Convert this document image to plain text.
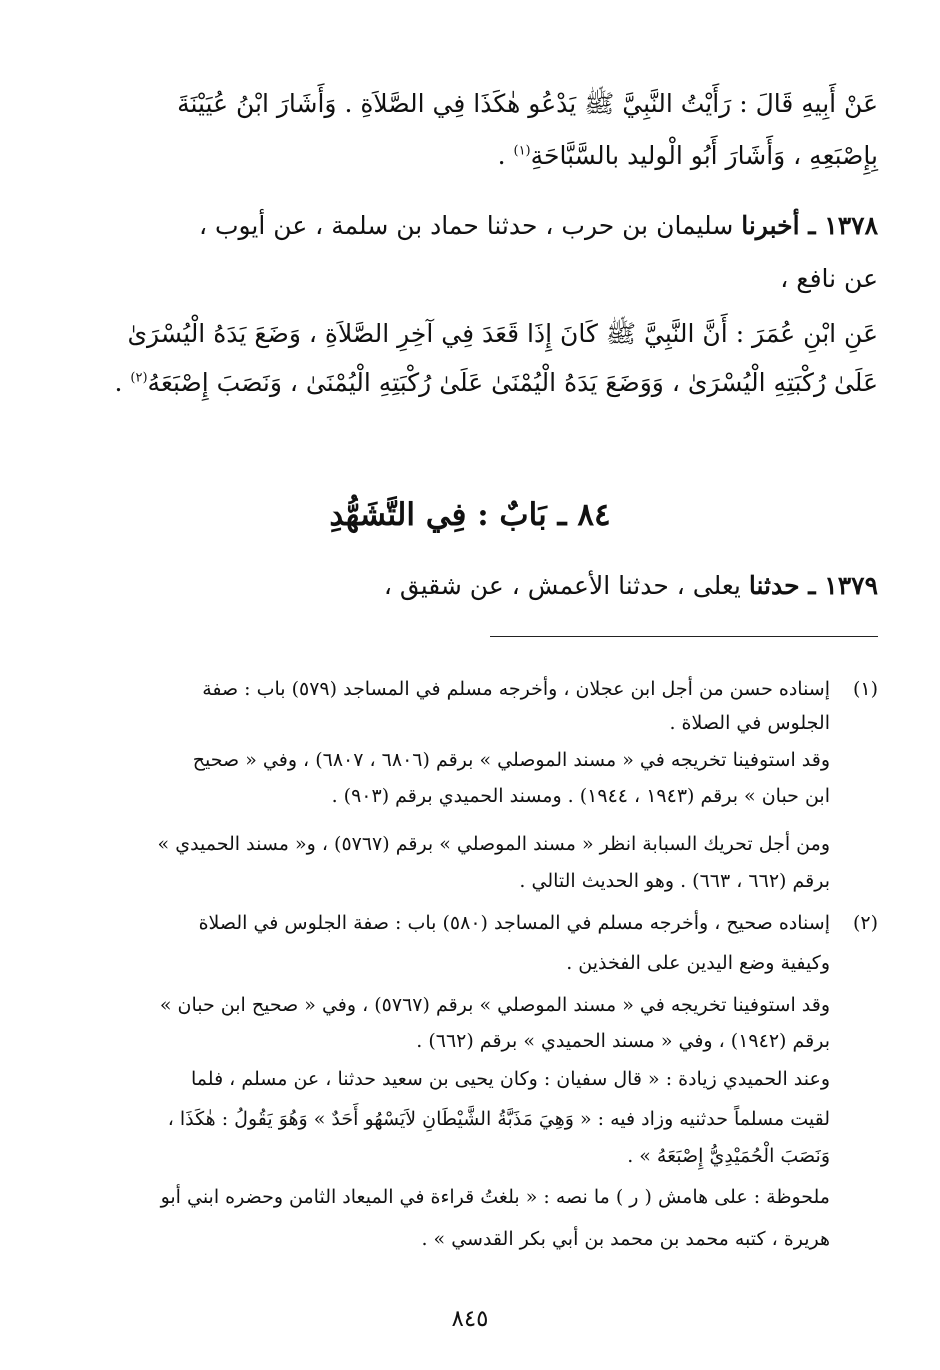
عَنْ أَبِيهِ قَالَ : رَأَيْتُ النَّبِيَّ ﷺ يَدْعُو هٰكَذَا فِي الصَّلاَةِ . وَأَشَارَ ابْنُ عُيَيْنَةَ
بِإِصْبَعِهِ ، وَأَشَارَ أَبُو الْوليد بالسَّبَّاحَةِ$^{(١)}$ .
١٣٧٨ ـ أخبرنا سليمان بن حرب ، حدثنا حماد بن سلمة ، عن أيوب ،
عن نافع ،
عَنِ ابْنِ عُمَرَ : أَنَّ النَّبِيَّ ﷺ كَانَ إِذَا قَعَدَ فِي آخِرِ الصَّلاَةِ ، وَضَعَ يَدَهُ الْيُسْرَىٰ
عَلَىٰ رُكْبَتِهِ الْيُسْرَىٰ ، وَوَضَعَ يَدَهُ الْيُمْنَىٰ عَلَىٰ رُكْبَتِهِ الْيُمْنَىٰ ، وَنَصَبَ إِصْبَعَهُ$^{(٢)}$ .
٨٤ ـ بَابٌ : فِي التَّشَهُّدِ
١٣٧٩ ـ حدثنا يعلى ، حدثنا الأعمش ، عن شقيق ،
(١)
إسناده حسن من أجل ابن عجلان ، وأخرجه مسلم في المساجد (٥٧٩) باب : صفة
الجلوس في الصلاة .
وقد استوفينا تخريجه في « مسند الموصلي » برقم (٦٨٠٦ ، ٦٨٠٧) ، وفي « صحيح
ابن حبان » برقم (١٩٤٣ ، ١٩٤٤) . ومسند الحميدي برقم (٩٠٣) .
ومن أجل تحريك السبابة انظر « مسند الموصلي » برقم (٥٧٦٧) ، و« مسند الحميدي »
برقم (٦٦٢ ، ٦٦٣) . وهو الحديث التالي .
(٢)
إسناده صحيح ، وأخرجه مسلم في المساجد (٥٨٠) باب : صفة الجلوس في الصلاة
وكيفية وضع اليدين على الفخذين .
وقد استوفينا تخريجه في « مسند الموصلي » برقم (٥٧٦٧) ، وفي « صحيح ابن حبان »
برقم (١٩٤٢) ، وفي « مسند الحميدي » برقم (٦٦٢) .
وعند الحميدي زيادة : « قال سفيان : وكان يحيى بن سعيد حدثنا ، عن مسلم ، فلما
لقيت مسلماً حدثنيه وزاد فيه : « وَهِيَ مَذَبَّةُ الشَّيْطَانِ لاَيَسْهُو أَحَدٌ » وَهُوَ يَقُولُ : هٰكَذَا ،
وَنَصَبَ الْحُمَيْدِيُّ إِصْبَعَهُ » .
ملحوظة : على هامش ( ر ) ما نصه : « بلغتُ قراءة في الميعاد الثامن وحضره ابني أبو
هريرة ، كتبه محمد بن محمد بن أبي بكر القدسي » .
٨٤٥
